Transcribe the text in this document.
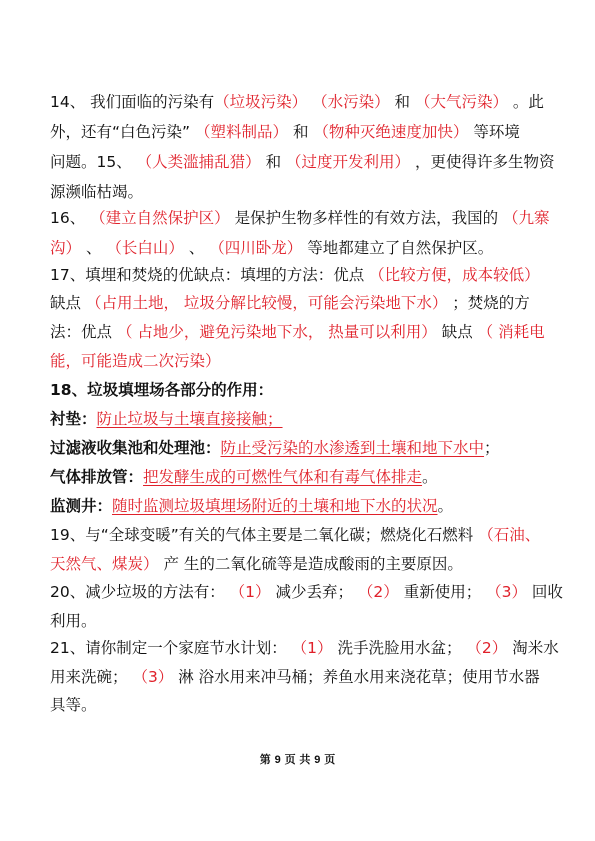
14、 我们面临的污染有（垃圾污染） （水污染） 和 （大气污染） 。此
外，还有“白色污染” （塑料制品） 和 （物种灭绝速度加快） 等环境
问题。15、 （人类滥捕乱猎） 和 （过度开发利用） ，更使得许多生物资
源濒临枯竭。
16、 （建立自然保护区） 是保护生物多样性的有效方法，我国的 （九寨
沟） 、 （长白山） 、 （四川卧龙） 等地都建立了自然保护区。
17、填埋和焚烧的优缺点：填埋的方法：优点 （比较方便，成本较低）
缺点 （占用土地， 垃圾分解比较慢，可能会污染地下水） ；焚烧的方
法：优点 （ 占地少，避免污染地下水， 热量可以利用） 缺点 （ 消耗电
能，可能造成二次污染）
18、垃圾填埋场各部分的作用：
衬垫：防止垃圾与土壤直接接触；
过滤液收集池和处理池：防止受污染的水渗透到土壤和地下水中；
气体排放管：把发酵生成的可燃性气体和有毒气体排走。
监测井：随时监测垃圾填埋场附近的土壤和地下水的状况。
19、与“全球变暖”有关的气体主要是二氧化碳；燃烧化石燃料 （石油、
天然气、煤炭） 产 生的二氧化硫等是造成酸雨的主要原因。
20、减少垃圾的方法有： （1） 减少丢弃； （2） 重新使用； （3） 回收
利用。
21、请你制定一个家庭节水计划： （1） 洗手洗脸用水盆； （2） 淘米水
用来洗碗； （3） 淋 浴水用来冲马桶；养鱼水用来浇花草；使用节水器
具等。
第 9 页 共 9 页
